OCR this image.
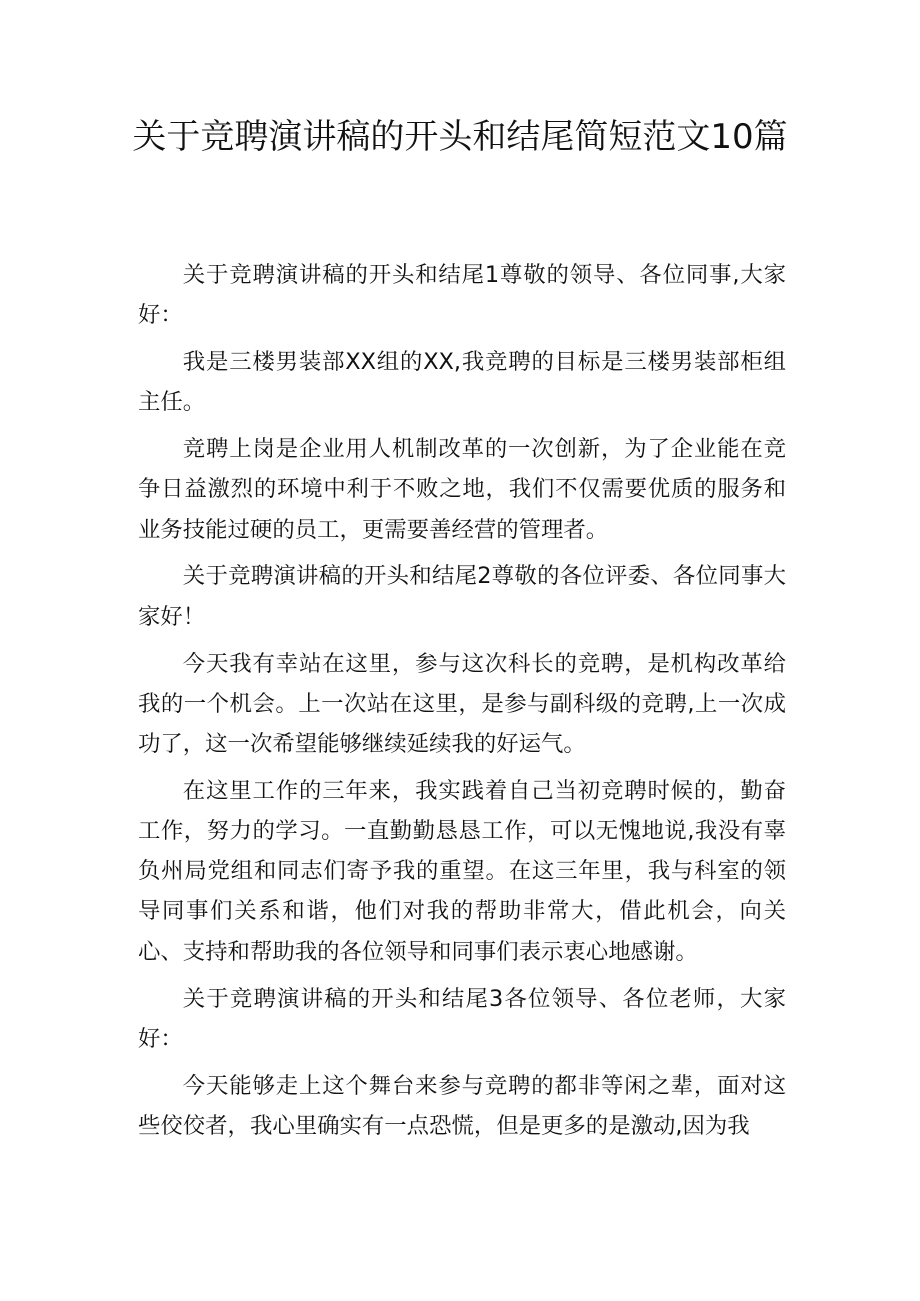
关于竞聘演讲稿的开头和结尾简短范文10篇

关于竞聘演讲稿的开头和结尾1尊敬的领导、各位同事,大家好：

我是三楼男装部XX组的XX,我竞聘的目标是三楼男装部柜组主任。

竞聘上岗是企业用人机制改革的一次创新，为了企业能在竞争日益激烈的环境中利于不败之地，我们不仅需要优质的服务和业务技能过硬的员工，更需要善经营的管理者。

关于竞聘演讲稿的开头和结尾2尊敬的各位评委、各位同事大家好！

今天我有幸站在这里，参与这次科长的竞聘，是机构改革给我的一个机会。上一次站在这里，是参与副科级的竞聘,上一次成功了，这一次希望能够继续延续我的好运气。

在这里工作的三年来，我实践着自己当初竞聘时候的，勤奋工作，努力的学习。一直勤勤恳恳工作，可以无愧地说,我没有辜负州局党组和同志们寄予我的重望。在这三年里，我与科室的领导同事们关系和谐，他们对我的帮助非常大，借此机会，向关心、支持和帮助我的各位领导和同事们表示衷心地感谢。

关于竞聘演讲稿的开头和结尾3各位领导、各位老师，大家好：

今天能够走上这个舞台来参与竞聘的都非等闲之辈，面对这些佼佼者，我心里确实有一点恐慌，但是更多的是激动,因为我
